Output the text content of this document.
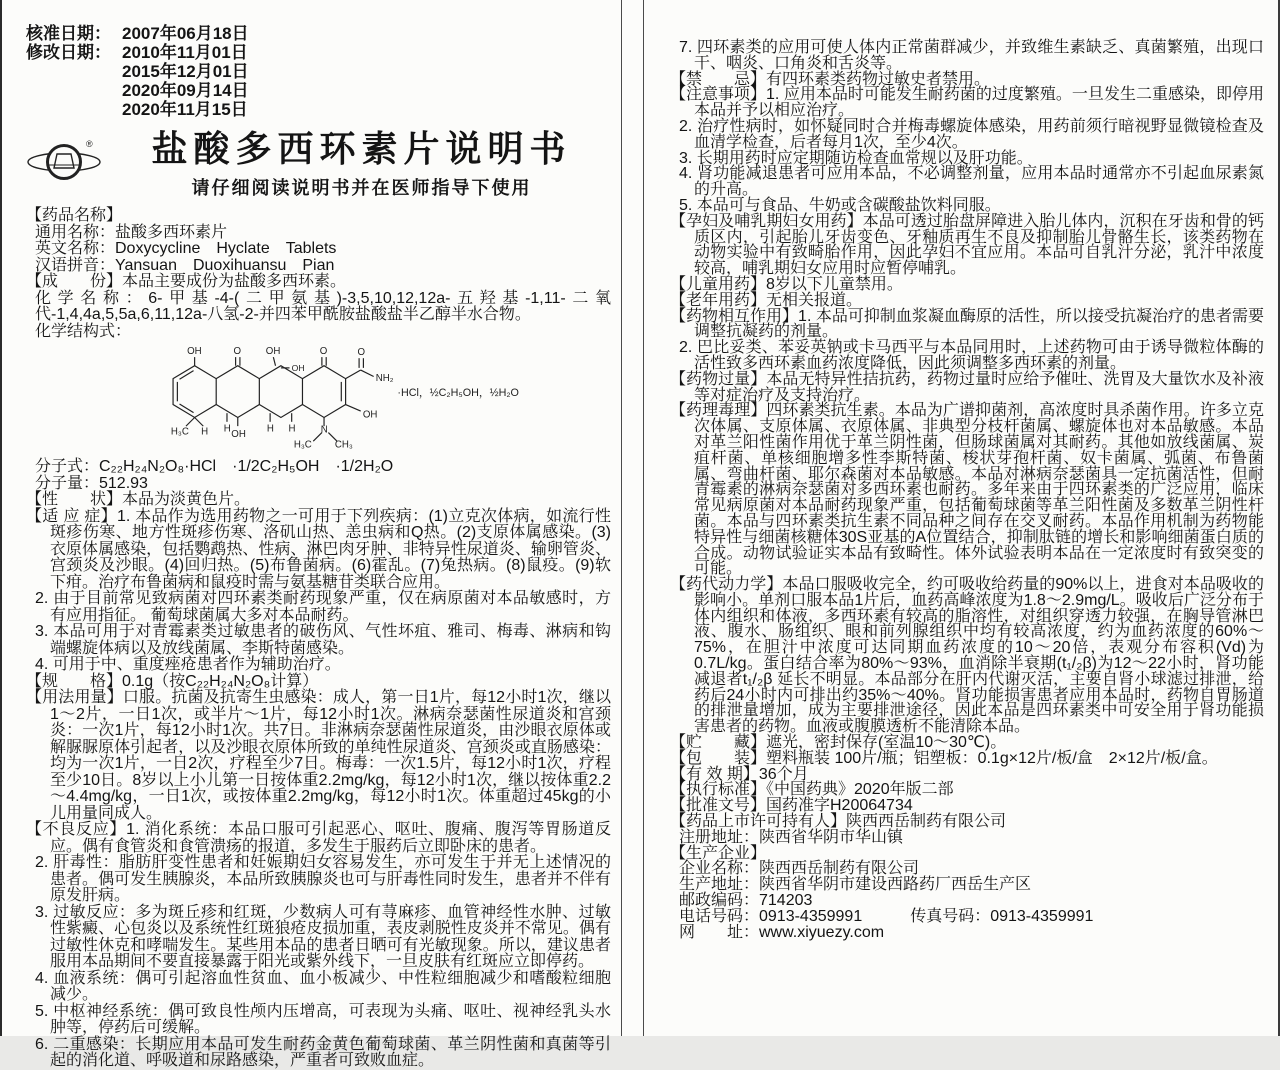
核准日期： 2007年06月18日
修改日期： 2010年11月01日
2015年12月01日
2020年09月14日
2020年11月15日
®	盐酸多西环素片说明书
请仔细阅读说明书并在医师指导下使用
【药品名称】
通用名称：盐酸多西环素片
英文名称：Doxycycline　Hyclate　Tablets
汉语拼音：Yansuan　Duoxihuansu　Pian
【成　　份】本品主要成份为盐酸多西环素。
化学名称：6-甲基-4-(二甲氨基)-3,5,10,12,12a-五羟基-1,11-二氧代-1,4,4a,5,5a,6,11,12a-八氢-2-并四苯甲酰胺盐酸盐半乙醇半水合物。
化学结构式：
OH	O	OH
OH
O	O
NH₂
OH
H₃C H H OH H H	N
H₃C	CH₃
·HCl，½C₂H₅OH，½H₂O
分子式：C₂₂H₂₄N₂O₈·HCl　·1/2C₂H₅OH　·1/2H₂O
分子量：512.93
【性　　状】本品为淡黄色片。
【适 应 症】1. 本品作为选用药物之一可用于下列疾病：(1)立克次体病，如流行性斑疹伤寒、地方性斑疹伤寒、洛矶山热、恙虫病和Q热。(2)支原体属感染。(3)衣原体属感染，包括鹦鹉热、性病、淋巴肉牙肿、非特异性尿道炎、输卵管炎、宫颈炎及沙眼。(4)回归热。(5)布鲁菌病。(6)霍乱。(7)兔热病。(8)鼠疫。(9)软下疳。治疗布鲁菌病和鼠疫时需与氨基糖苷类联合应用。
2. 由于目前常见致病菌对四环素类耐药现象严重，仅在病原菌对本品敏感时，方有应用指征。 葡萄球菌属大多对本品耐药。
3. 本品可用于对青霉素类过敏患者的破伤风、气性坏疽、雅司、梅毒、淋病和钩端螺旋体病以及放线菌属、李斯特菌感染。
4. 可用于中、重度痤疮患者作为辅助治疗。
【规　　格】0.1g（按C₂₂H₂₄N₂O₈计算）
【用法用量】口服。抗菌及抗寄生虫感染：成人，第一日1片，每12小时1次，继以1～2片，一日1次，或半片～1片，每12小时1次。淋病奈瑟菌性尿道炎和宫颈炎：一次1片，每12小时1次。共7日。非淋病奈瑟菌性尿道炎，由沙眼衣原体或解脲脲原体引起者，以及沙眼衣原体所致的单纯性尿道炎、宫颈炎或直肠感染：均为一次1片，一日2次，疗程至少7日。梅毒：一次1.5片，每12小时1次，疗程至少10日。8岁以上小儿第一日按体重2.2mg/kg，每12小时1次，继以按体重2.2～4.4mg/kg，一日1次，或按体重2.2mg/kg，每12小时1次。体重超过45kg的小儿用量同成人。
【不良反应】1. 消化系统：本品口服可引起恶心、呕吐、腹痛、腹泻等胃肠道反应。偶有食管炎和食管溃疡的报道，多发生于服药后立即卧床的患者。
2. 肝毒性：脂肪肝变性患者和妊娠期妇女容易发生，亦可发生于并无上述情况的患者。偶可发生胰腺炎，本品所致胰腺炎也可与肝毒性同时发生，患者并不伴有原发肝病。
3. 过敏反应：多为斑丘疹和红斑，少数病人可有荨麻疹、血管神经性水肿、过敏性紫癜、心包炎以及系统性红斑狼疮皮损加重，表皮剥脱性皮炎并不常见。偶有过敏性休克和哮喘发生。某些用本品的患者日晒可有光敏现象。所以，建议患者服用本品期间不要直接暴露于阳光或紫外线下，一旦皮肤有红斑应立即停药。
4. 血液系统：偶可引起溶血性贫血、血小板减少、中性粒细胞减少和嗜酸粒细胞减少。
5. 中枢神经系统：偶可致良性颅内压增高，可表现为头痛、呕吐、视神经乳头水肿等，停药后可缓解。
6. 二重感染：长期应用本品可发生耐药金黄色葡萄球菌、革兰阴性菌和真菌等引起的消化道、呼吸道和尿路感染，严重者可致败血症。
7. 四环素类的应用可使人体内正常菌群减少，并致维生素缺乏、真菌繁殖，出现口干、咽炎、口角炎和舌炎等。
【禁　　忌】有四环素类药物过敏史者禁用。
【注意事项】1. 应用本品时可能发生耐药菌的过度繁殖。一旦发生二重感染，即停用本品并予以相应治疗。
2. 治疗性病时，如怀疑同时合并梅毒螺旋体感染，用药前须行暗视野显微镜检查及血清学检查，后者每月1次，至少4次。
3. 长期用药时应定期随访检查血常规以及肝功能。
4. 肾功能减退患者可应用本品，不必调整剂量，应用本品时通常亦不引起血尿素氮的升高。
5. 本品可与食品、牛奶或含碳酸盐饮料同服。
【孕妇及哺乳期妇女用药】本品可透过胎盘屏障进入胎儿体内，沉积在牙齿和骨的钙质区内，引起胎儿牙齿变色、牙釉质再生不良及抑制胎儿骨骼生长，该类药物在动物实验中有致畸胎作用，因此孕妇不宜应用。本品可自乳汁分泌，乳汁中浓度较高，哺乳期妇女应用时应暂停哺乳。
【儿童用药】8岁以下儿童禁用。
【老年用药】无相关报道。
【药物相互作用】1. 本品可抑制血浆凝血酶原的活性，所以接受抗凝治疗的患者需要调整抗凝药的剂量。
2. 巴比妥类、苯妥英钠或卡马西平与本品同用时，上述药物可由于诱导微粒体酶的活性致多西环素血药浓度降低，因此须调整多西环素的剂量。
【药物过量】本品无特异性拮抗药，药物过量时应给予催吐、洗胃及大量饮水及补液等对症治疗及支持治疗。
【药理毒理】四环素类抗生素。本品为广谱抑菌剂，高浓度时具杀菌作用。许多立克次体属、支原体属、衣原体属、非典型分枝杆菌属、螺旋体也对本品敏感。本品对革兰阳性菌作用优于革兰阴性菌，但肠球菌属对其耐药。其他如放线菌属、炭疽杆菌、单核细胞增多性李斯特菌、梭状芽孢杆菌、奴卡菌属、弧菌、布鲁菌属、弯曲杆菌、耶尔森菌对本品敏感。本品对淋病奈瑟菌具一定抗菌活性，但耐青霉素的淋病奈瑟菌对多西环素也耐药。多年来由于四环素类的广泛应用，临床常见病原菌对本品耐药现象严重，包括葡萄球菌等革兰阳性菌及多数革兰阴性杆菌。本品与四环素类抗生素不同品种之间存在交叉耐药。本品作用机制为药物能特异性与细菌核糖体30S亚基的A位置结合，抑制肽链的增长和影响细菌蛋白质的合成。动物试验证实本品有致畸性。体外试验表明本品在一定浓度时有致突变的可能。
【药代动力学】本品口服吸收完全，约可吸收给药量的90%以上，进食对本品吸收的影响小。单剂口服本品1片后，血药高峰浓度为1.8～2.9mg/L。吸收后广泛分布于体内组织和体液，多西环素有较高的脂溶性，对组织穿透力较强，在胸导管淋巴液、腹水、肠组织、眼和前列腺组织中均有较高浓度，约为血药浓度的60%～75%，在胆汁中浓度可达同期血药浓度的10～20倍，表观分布容积(Vd)为0.7L/kg。蛋白结合率为80%～93%，血消除半衰期(t₁/₂β)为12～22小时，肾功能减退者t₁/₂β 延长不明显。本品部分在肝内代谢灭活，主要自肾小球滤过排泄，给药后24小时内可排出约35%～40%。肾功能损害患者应用本品时，药物自胃肠道的排泄量增加，成为主要排泄途径，因此本品是四环素类中可安全用于肾功能损害患者的药物。血液或腹膜透析不能清除本品。
【贮　　藏】遮光，密封保存(室温10～30℃)。
【包　　装】塑料瓶装 100片/瓶；铝塑板：0.1g×12片/板/盒　2×12片/板/盒。
【有 效 期】36个月
【执行标准】《中国药典》2020年版二部
【批准文号】国药准字H20064734
【药品上市许可持有人】陕西西岳制药有限公司
注册地址：陕西省华阴市华山镇
【生产企业】
企业名称：陕西西岳制药有限公司
生产地址：陕西省华阴市建设西路药厂西岳生产区
邮政编码：714203
电话号码：0913-4359991　　　传真号码：0913-4359991
网　　址：www.xiyuezy.com
